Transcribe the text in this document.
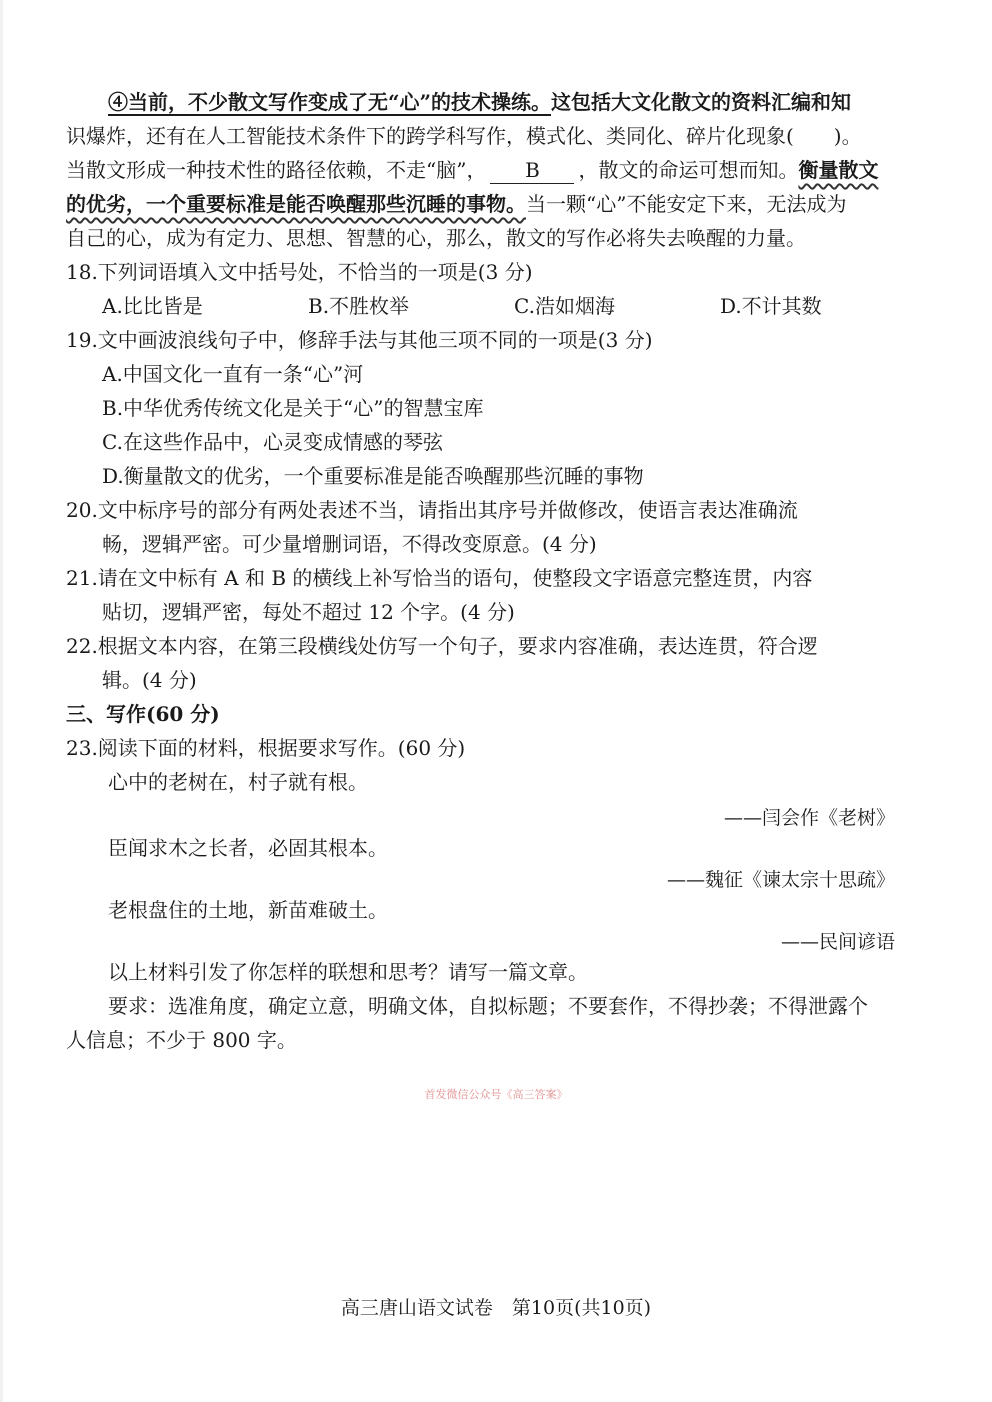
④当前，不少散文写作变成了无“心”的技术操练。这包括大文化散文的资料汇编和知
识爆炸，还有在人工智能技术条件下的跨学科写作，模式化、类同化、碎片化现象(　　)。
当散文形成一种技术性的路径依赖，不走“脑”， B ，散文的命运可想而知。衡量散文
的优劣，一个重要标准是能否唤醒那些沉睡的事物。当一颗“心”不能安定下来，无法成为
自己的心，成为有定力、思想、智慧的心，那么，散文的写作必将失去唤醒的力量。
18.下列词语填入文中括号处，不恰当的一项是(3 分)
A.比比皆是	B.不胜枚举	C.浩如烟海	D.不计其数
19.文中画波浪线句子中，修辞手法与其他三项不同的一项是(3 分)
A.中国文化一直有一条“心”河
B.中华优秀传统文化是关于“心”的智慧宝库
C.在这些作品中，心灵变成情感的琴弦
D.衡量散文的优劣，一个重要标准是能否唤醒那些沉睡的事物
20.文中标序号的部分有两处表述不当，请指出其序号并做修改，使语言表达准确流
畅，逻辑严密。可少量增删词语，不得改变原意。(4 分)
21.请在文中标有 A 和 B 的横线上补写恰当的语句，使整段文字语意完整连贯，内容
贴切，逻辑严密，每处不超过 12 个字。(4 分)
22.根据文本内容，在第三段横线处仿写一个句子，要求内容准确，表达连贯，符合逻
辑。(4 分)
三、写作(60 分)
23.阅读下面的材料，根据要求写作。(60 分)
心中的老树在，村子就有根。
——闫会作《老树》
臣闻求木之长者，必固其根本。
——魏征《谏太宗十思疏》
老根盘住的土地，新苗难破土。
——民间谚语
以上材料引发了你怎样的联想和思考？请写一篇文章。
要求：选准角度，确定立意，明确文体，自拟标题；不要套作，不得抄袭；不得泄露个
人信息；不少于 800 字。
首发微信公众号《高三答案》
高三唐山语文试卷　第10页(共10页)
